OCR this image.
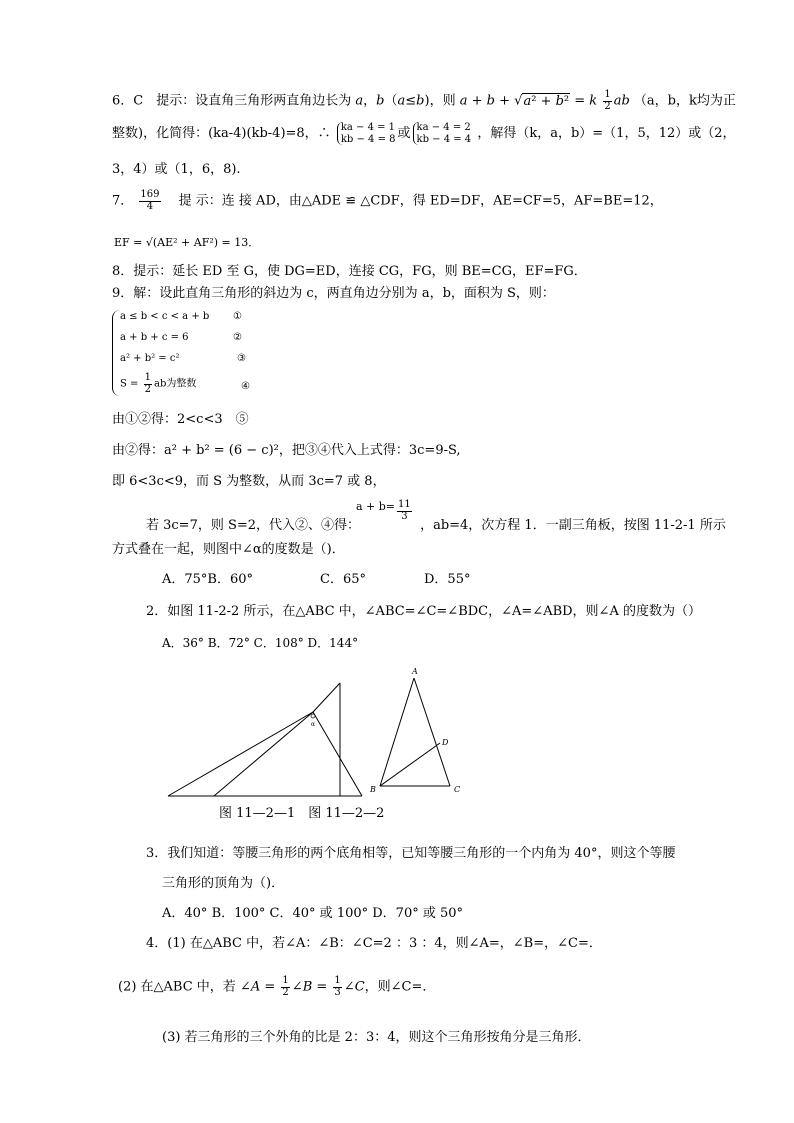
6．C　提示：设直角三角形两直角边长为 a，b（a≤b)，则 a + b + √a² + b² = k $\frac{1}{2}$ ab （a，b，k均为正
整数)，化简得：(ka-4)(kb-4)=8，∴ ka − 4 = 1
kb − 4 = 8 或 ka − 4 = 2
kb − 4 = 4 ，解得（k，a，b）=（1，5，12）或（2，
3，4）或（1，6，8).
7． $\frac{169}{4}$ 提 示：连 接 AD，由△ADE ≌ △CDF，得 ED=DF，AE=CF=5，AF=BE=12，
EF = √(AE² + AF²) = 13．
8．提示：延长 ED 至 G，使 DG=ED，连接 CG，FG，则 BE=CG，EF=FG．
9．解：设此直角三角形的斜边为 c，两直角边分别为 a，b，面积为 S，则：
a ≤ b < c < a + b
a + b + c = 6
a² + b² = c²
$S = \frac{1}{2}$ ab为整数
①
②
③
④
由①②得：2<c<3　⑤
由②得：a² + b² = (6 − c)²，把③④代入上式得：3c=9-S,
即 6<3c<9，而 S 为整数，从而 3c=7 或 8，
$a + b= \frac{11}{3}$
若 3c=7，则 S=2，代入②、④得：	，ab=4，次方程 1．一副三角板，按图 11-2-1 所示
方式叠在一起，则图中∠α的度数是（)．
A．75°B．60°	C．65°	D．55°
2．如图 11-2-2 所示，在△ABC 中，∠ABC=∠C=∠BDC，∠A=∠ABD，则∠A 的度数为（）
A．36° B．72° C．108° D．144°
α
A
D
B	C
图 11—2—1　图 11—2—2
3．我们知道：等腰三角形的两个底角相等，已知等腰三角形的一个内角为 40°，则这个等腰
三角形的顶角为（)．
A．40° B．100° C．40° 或 100° D．70° 或 50°
4．(1) 在△ABC 中，若∠A：∠B：∠C=2 ：3 ：4，则∠A=，∠B=，∠C=．
(2) 在△ABC 中，若 ∠A = $\frac{1}{2}$ ∠B = $\frac{1}{3}$ ∠C，则∠C=．
(3) 若三角形的三个外角的比是 2：3：4，则这个三角形按角分是三角形．
